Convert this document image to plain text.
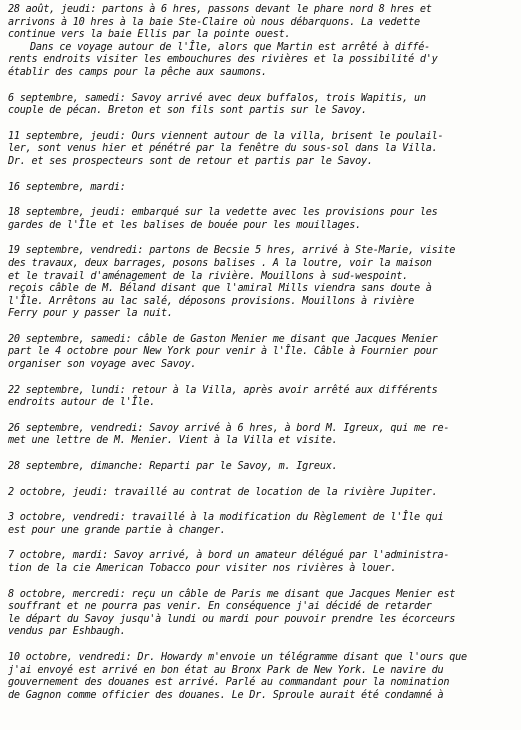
28 août, jeudi: partons à 6 hres, passons devant le phare nord 8 hres et
arrivons à 10 hres à la baie Ste-Claire où nous débarquons. La vedette
continue vers la baie Ellis par la pointe ouest.
Dans ce voyage autour de l'Île, alors que Martin est arrêté à diffé-
rents endroits visiter les embouchures des rivières et la possibilité d'y
établir des camps pour la pêche aux saumons.
6 septembre, samedi: Savoy arrivé avec deux buffalos, trois Wapitis, un
couple de pécan. Breton et son fils sont partis sur le Savoy.
11 septembre, jeudi: Ours viennent autour de la villa, brisent le poulail-
ler, sont venus hier et pénétré par la fenêtre du sous-sol dans la Villa.
Dr. et ses prospecteurs sont de retour et partis par le Savoy.
16 septembre, mardi:
18 septembre, jeudi: embarqué sur la vedette avec les provisions pour les
gardes de l'Île et les balises de bouée pour les mouillages.
19 septembre, vendredi: partons de Becsie 5 hres, arrivé à Ste-Marie, visite
des travaux, deux barrages, posons balises . A la loutre, voir la maison
et le travail d'aménagement de la rivière. Mouillons à sud-wespoint.
reçois câble de M. Béland disant que l'amiral Mills viendra sans doute à
l'Île. Arrêtons au lac salé, déposons provisions. Mouillons à rivière
Ferry pour y passer la nuit.
20 septembre, samedi: câble de Gaston Menier me disant que Jacques Menier
part le 4 octobre pour New York pour venir à l'Île. Câble à Fournier pour
organiser son voyage avec Savoy.
22 septembre, lundi: retour à la Villa, après avoir arrêté aux différents
endroits autour de l'Île.
26 septembre, vendredi: Savoy arrivé à 6 hres, à bord M. Igreux, qui me re-
met une lettre de M. Menier. Vient à la Villa et visite.
28 septembre, dimanche: Reparti par le Savoy, m. Igreux.
2 octobre, jeudi: travaillé au contrat de location de la rivière Jupiter.
3 octobre, vendredi: travaillé à la modification du Règlement de l'Île qui
est pour une grande partie à changer.
7 octobre, mardi: Savoy arrivé, à bord un amateur délégué par l'administra-
tion de la cie American Tobacco pour visiter nos rivières à louer.
8 octobre, mercredi: reçu un câble de Paris me disant que Jacques Menier est
souffrant et ne pourra pas venir. En conséquence j'ai décidé de retarder
le départ du Savoy jusqu'à lundi ou mardi pour pouvoir prendre les écorceurs
vendus par Eshbaugh.
10 octobre, vendredi: Dr. Howardy m'envoie un télégramme disant que l'ours que
j'ai envoyé est arrivé en bon état au Bronx Park de New York. Le navire du
gouvernement des douanes est arrivé. Parlé au commandant pour la nomination
de Gagnon comme officier des douanes. Le Dr. Sproule aurait été condamné à
